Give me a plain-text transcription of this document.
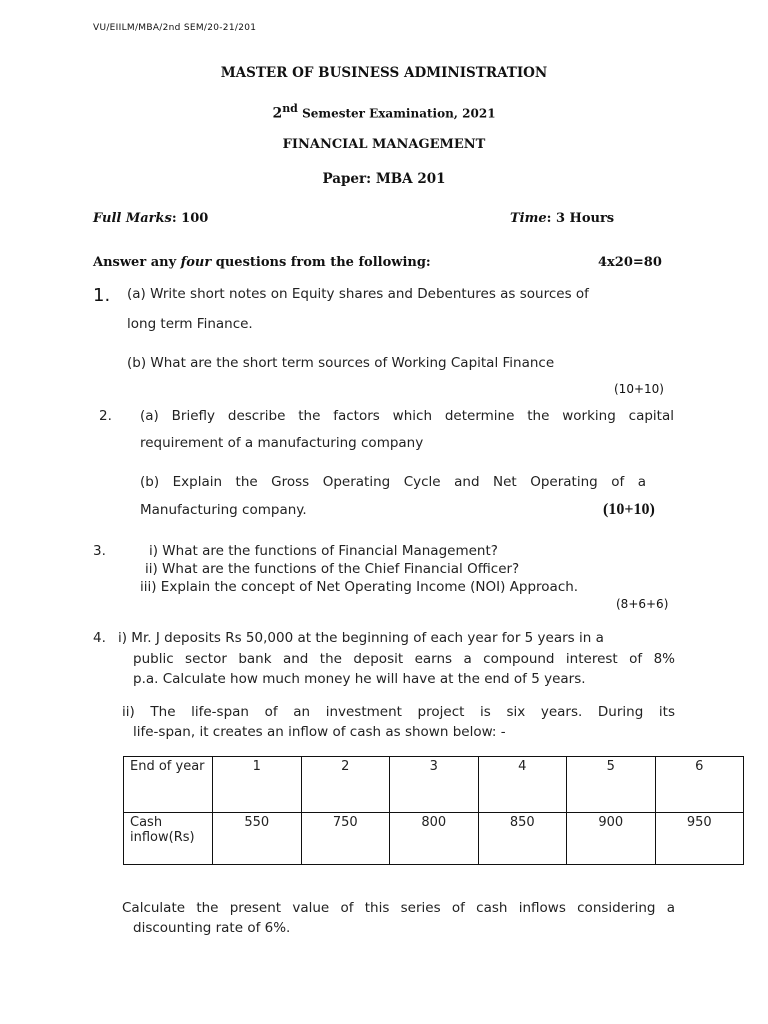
VU/EIILM/MBA/2nd SEM/20-21/201
MASTER OF BUSINESS ADMINISTRATION
2nd Semester Examination, 2021
FINANCIAL MANAGEMENT
Paper: MBA 201
Full Marks: 100	Time: 3 Hours
Answer any four questions from the following:	4x20=80
1. (a) Write short notes on Equity shares and Debentures as sources of
long term Finance.
(b) What are the short term sources of Working Capital Finance
(10+10)
2. (a) Briefly describe the factors which determine the working capital
requirement of a manufacturing company
(b) Explain the Gross Operating Cycle and Net Operating of a
Manufacturing company.	(10+10)
3.	i) What are the functions of Financial Management?
ii) What are the functions of the Chief Financial Officer?
iii) Explain the concept of Net Operating Income (NOI) Approach.
(8+6+6)
4. i) Mr. J deposits Rs 50,000 at the beginning of each year for 5 years in a
public sector bank and the deposit earns a compound interest of 8%
p.a. Calculate how much money he will have at the end of 5 years.
ii) The life-span of an investment project is six years. During its
life-span, it creates an inflow of cash as shown below: -
End of year	1	2	3	4	5	6
Cash inflow(Rs)	550	750	800	850	900	950
Calculate the present value of this series of cash inflows considering a
discounting rate of 6%.
